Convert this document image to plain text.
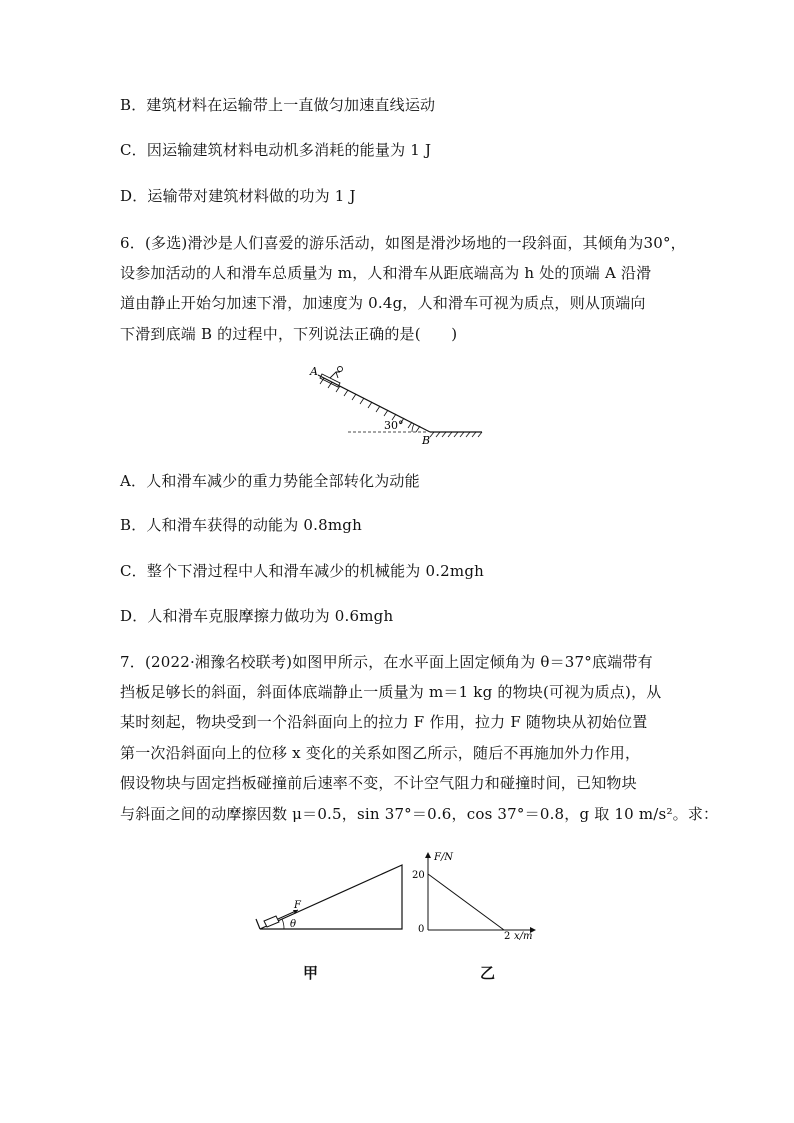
B．建筑材料在运输带上一直做匀加速直线运动
C．因运输建筑材料电动机多消耗的能量为 1 J
D．运输带对建筑材料做的功为 1 J
6．(多选)滑沙是人们喜爱的游乐活动，如图是滑沙场地的一段斜面，其倾角为30°，
设参加活动的人和滑车总质量为 m，人和滑车从距底端高为 h 处的顶端 A 沿滑
道由静止开始匀加速下滑，加速度为 0.4g，人和滑车可视为质点，则从顶端向
下滑到底端 B 的过程中，下列说法正确的是(　　)
A
B
30°
A．人和滑车减少的重力势能全部转化为动能
B．人和滑车获得的动能为 0.8mgh
C．整个下滑过程中人和滑车减少的机械能为 0.2mgh
D．人和滑车克服摩擦力做功为 0.6mgh
7．(2022·湘豫名校联考)如图甲所示，在水平面上固定倾角为 θ＝37°底端带有
挡板足够长的斜面，斜面体底端静止一质量为 m＝1 kg 的物块(可视为质点)，从
某时刻起，物块受到一个沿斜面向上的拉力 F 作用，拉力 F 随物块从初始位置
第一次沿斜面向上的位移 x 变化的关系如图乙所示，随后不再施加外力作用，
假设物块与固定挡板碰撞前后速率不变，不计空气阻力和碰撞时间，已知物块
与斜面之间的动摩擦因数 μ＝0.5，sin 37°＝0.6，cos 37°＝0.8，g 取 10 m/s²。求：
F
θ
甲
F/N
20
0
2 x/m
乙
